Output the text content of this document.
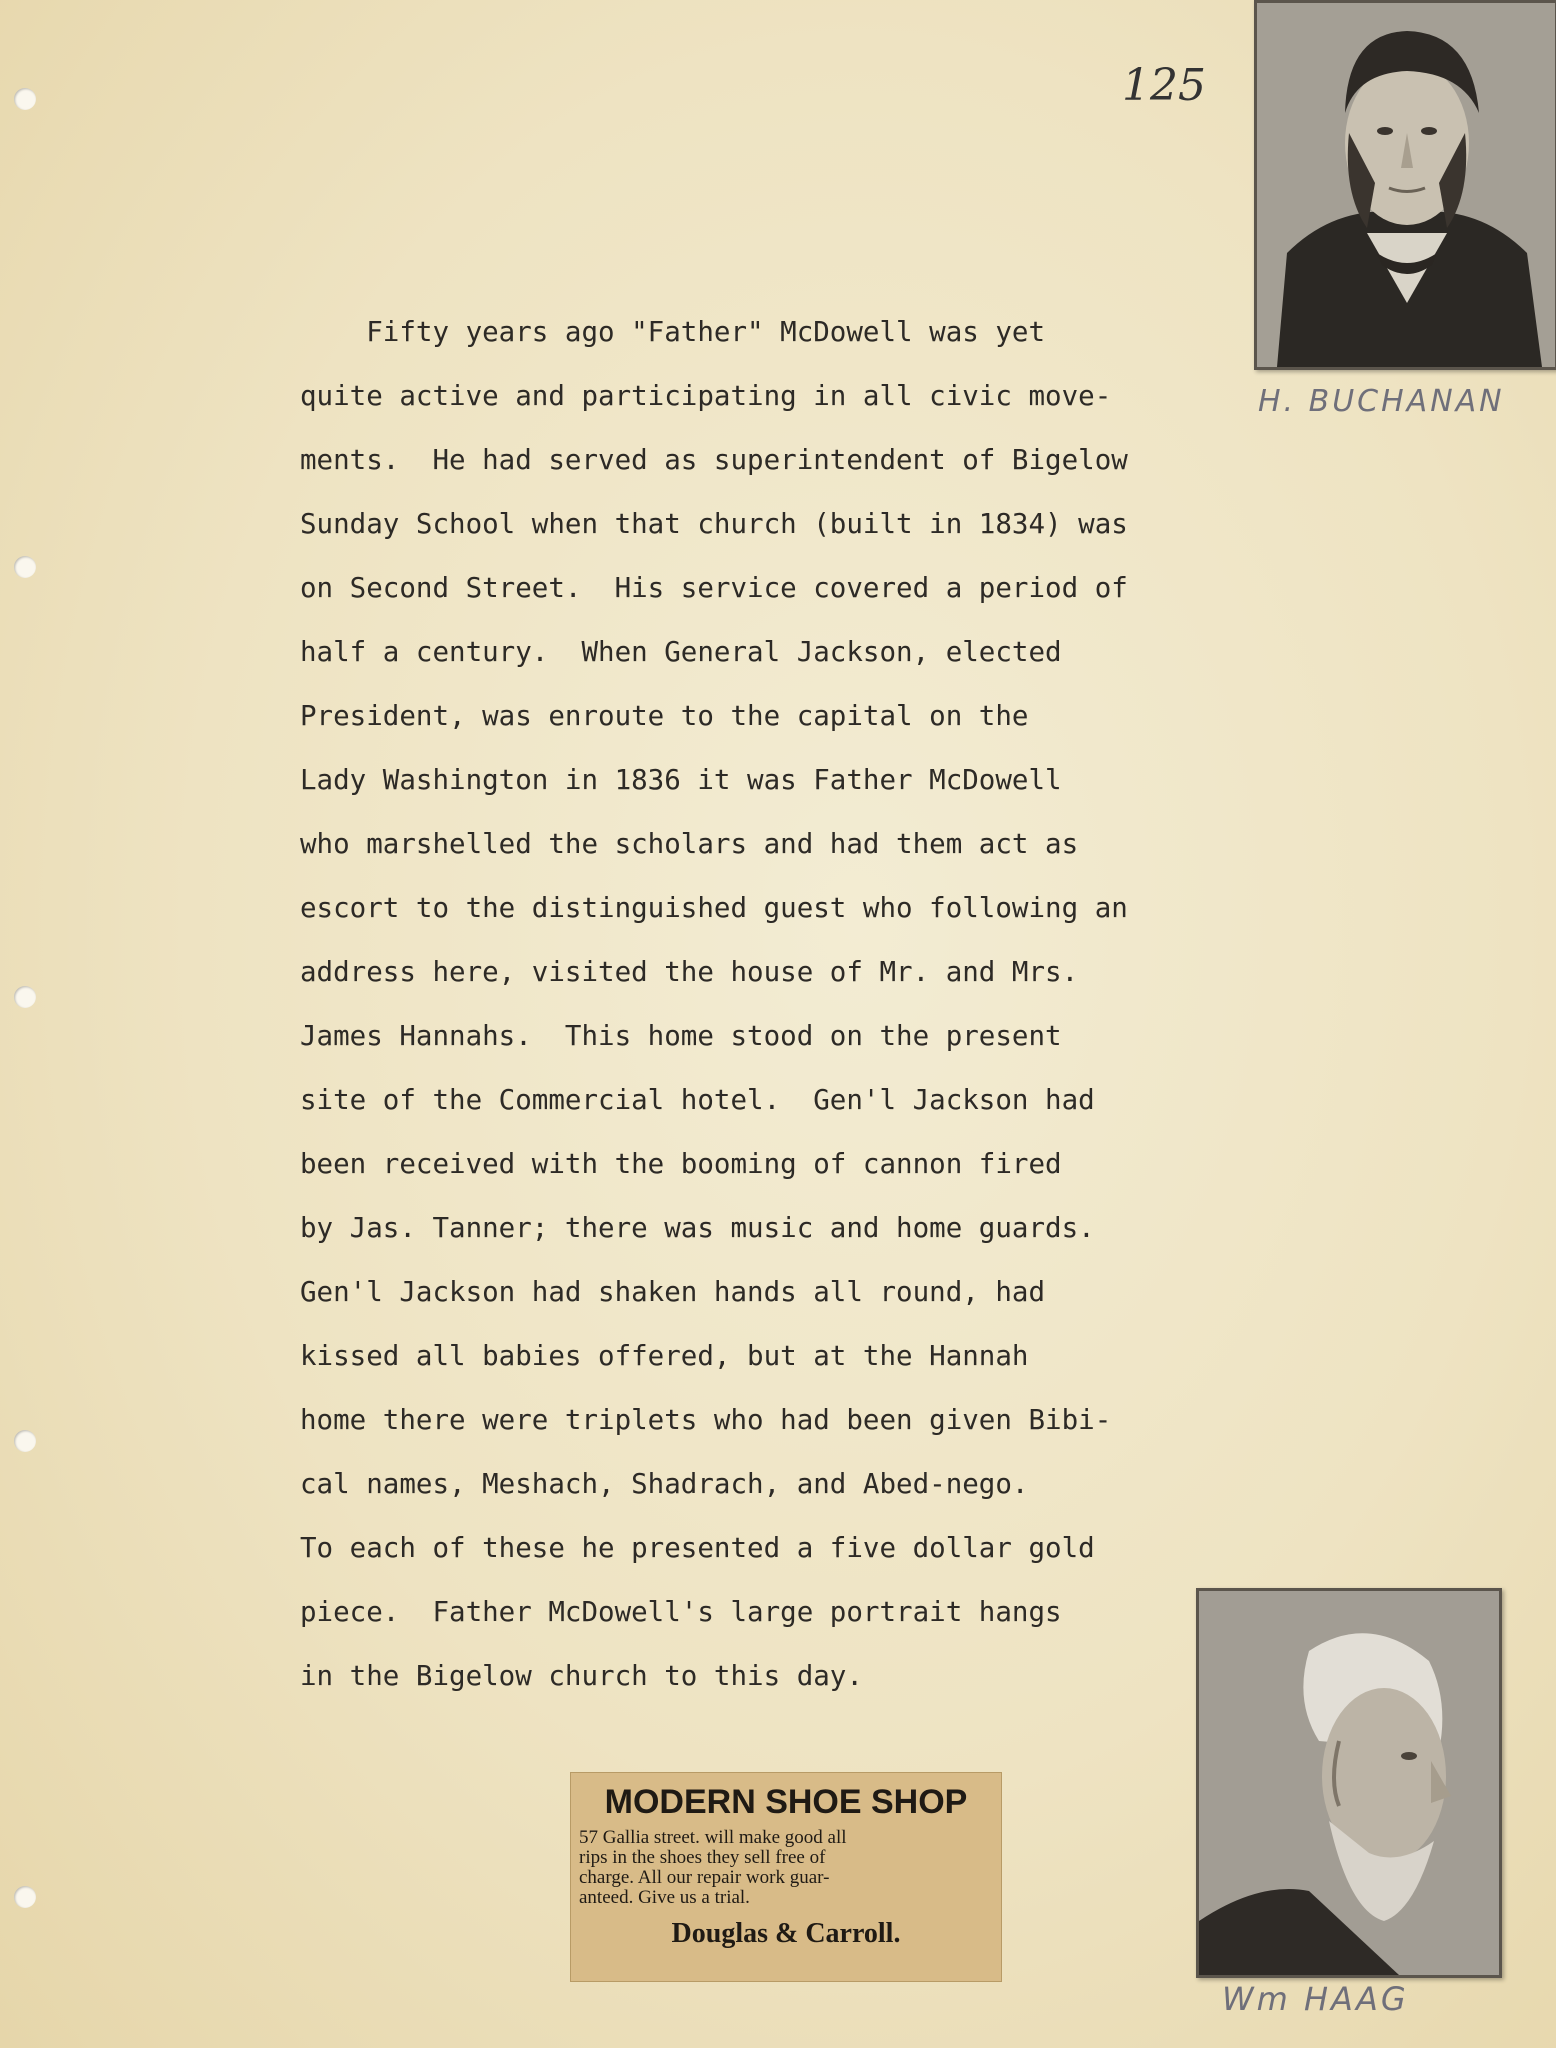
125
H. BUCHANAN
Fifty years ago "Father" McDowell was yet
quite active and participating in all civic move-
ments.  He had served as superintendent of Bigelow
Sunday School when that church (built in 1834) was
on Second Street.  His service covered a period of
half a century.  When General Jackson, elected
President, was enroute to the capital on the
Lady Washington in 1836 it was Father McDowell
who marshelled the scholars and had them act as
escort to the distinguished guest who following an
address here, visited the house of Mr. and Mrs.
James Hannahs.  This home stood on the present
site of the Commercial hotel.  Gen'l Jackson had
been received with the booming of cannon fired
by Jas. Tanner; there was music and home guards.
Gen'l Jackson had shaken hands all round, had
kissed all babies offered, but at the Hannah
home there were triplets who had been given Bibi-
cal names, Meshach, Shadrach, and Abed-nego.
To each of these he presented a five dollar gold
piece.  Father McDowell's large portrait hangs
in the Bigelow church to this day.
Wm HAAG
MODERN SHOE SHOP
57 Gallia street. will make good all
rips in the shoes they sell free of
charge. All our repair work guar-
anteed. Give us a trial.
Douglas & Carroll.
